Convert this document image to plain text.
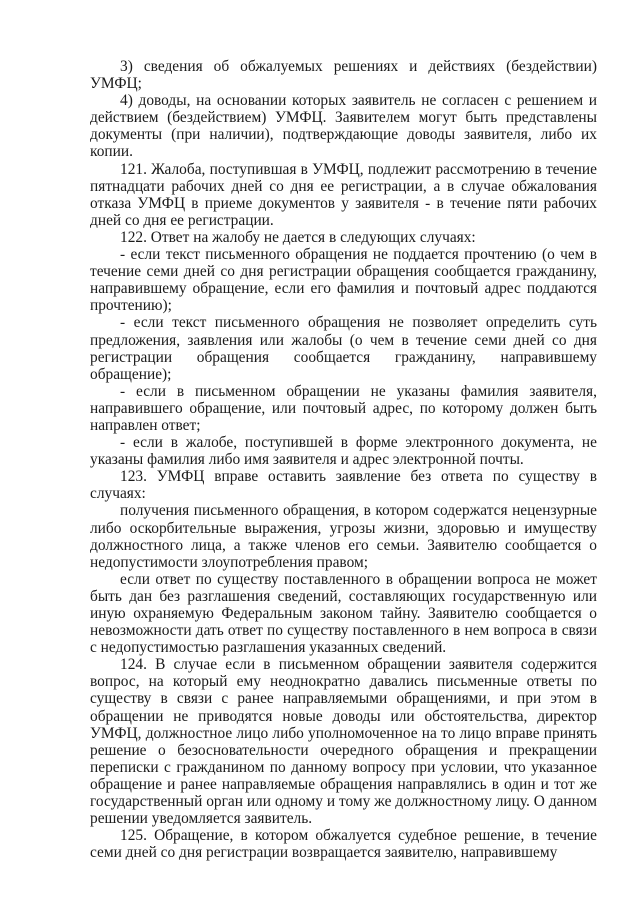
3) сведения об обжалуемых решениях и действиях (бездействии) УМФЦ;

4) доводы, на основании которых заявитель не согласен с решением и действием (бездействием) УМФЦ. Заявителем могут быть представлены документы (при наличии), подтверждающие доводы заявителя, либо их копии.

121. Жалоба, поступившая в УМФЦ, подлежит рассмотрению в течение пятнадцати рабочих дней со дня ее регистрации, а в случае обжалования отказа УМФЦ в приеме документов у заявителя - в течение пяти рабочих дней со дня ее регистрации.

122. Ответ на жалобу не дается в следующих случаях:

- если текст письменного обращения не поддается прочтению (о чем в течение семи дней со дня регистрации обращения сообщается гражданину, направившему обращение, если его фамилия и почтовый адрес поддаются прочтению);

- если текст письменного обращения не позволяет определить суть предложения, заявления или жалобы (о чем в течение семи дней со дня регистрации обращения сообщается гражданину, направившему обращение);

- если в письменном обращении не указаны фамилия заявителя, направившего обращение, или почтовый адрес, по которому должен быть направлен ответ;

- если в жалобе, поступившей в форме электронного документа, не указаны фамилия либо имя заявителя и адрес электронной почты.

123. УМФЦ вправе оставить заявление без ответа по существу в случаях:

получения письменного обращения, в котором содержатся нецензурные либо оскорбительные выражения, угрозы жизни, здоровью и имуществу должностного лица, а также членов его семьи. Заявителю сообщается о недопустимости злоупотребления правом;

если ответ по существу поставленного в обращении вопроса не может быть дан без разглашения сведений, составляющих государственную или иную охраняемую Федеральным законом тайну. Заявителю сообщается о невозможности дать ответ по существу поставленного в нем вопроса в связи с недопустимостью разглашения указанных сведений.

124. В случае если в письменном обращении заявителя содержится вопрос, на который ему неоднократно давались письменные ответы по существу в связи с ранее направляемыми обращениями, и при этом в обращении не приводятся новые доводы или обстоятельства, директор УМФЦ, должностное лицо либо уполномоченное на то лицо вправе принять решение о безосновательности очередного обращения и прекращении переписки с гражданином по данному вопросу при условии, что указанное обращение и ранее направляемые обращения направлялись в один и тот же государственный орган или одному и тому же должностному лицу. О данном решении уведомляется заявитель.

125. Обращение, в котором обжалуется судебное решение, в течение семи дней со дня регистрации возвращается заявителю, направившему
